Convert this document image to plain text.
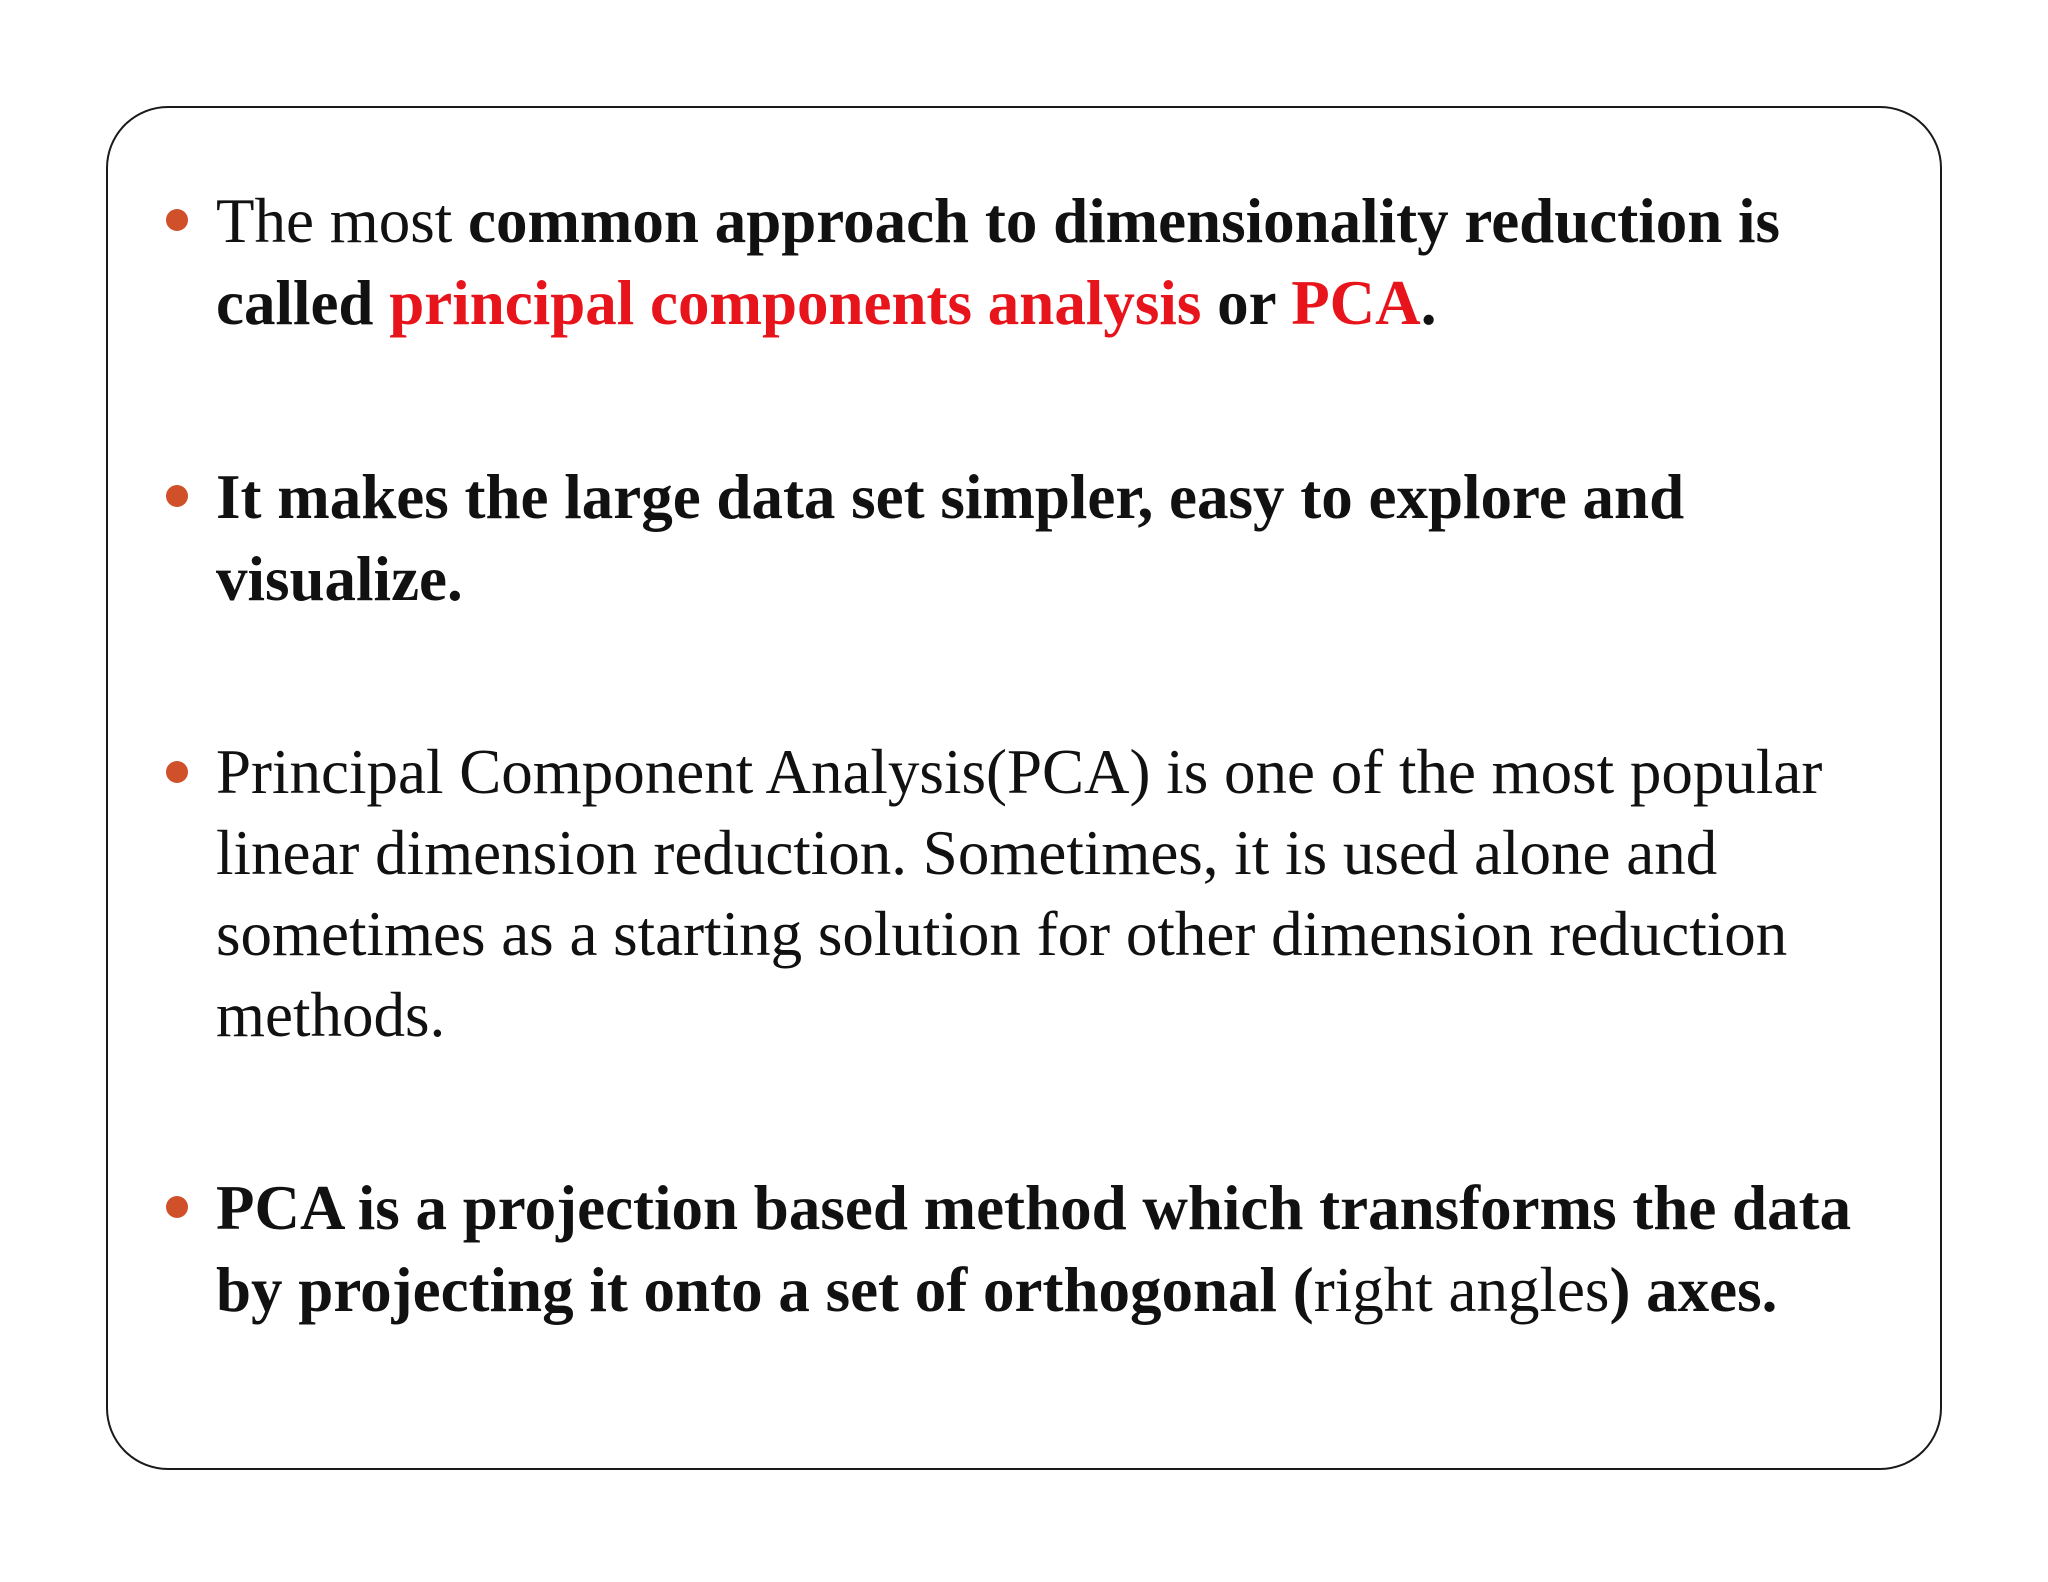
The most common approach to dimensionality reduction is called principal components analysis or PCA.

It makes the large data set simpler, easy to explore and visualize.

Principal Component Analysis(PCA) is one of the most popular linear dimension reduction. Sometimes, it is used alone and sometimes as a starting solution for other dimension reduction methods.

PCA is a projection based method which transforms the data by projecting it onto a set of orthogonal (right angles) axes.
